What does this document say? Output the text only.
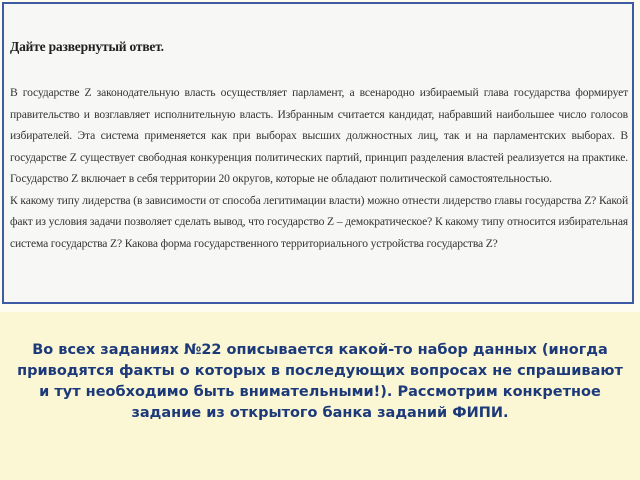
Дайте развернутый ответ.

В государстве Z законодательную власть осуществляет парламент, а всенародно избираемый глава государства формирует правительство и возглавляет исполнительную власть. Избранным считается кандидат, набравший наибольшее число голосов избирателей. Эта система применяется как при выборах высших должностных лиц, так и на парламентских выборах. В государстве Z существует свободная конкуренция политических партий, принцип разделения властей реализуется на практике. Государство Z включает в себя территории 20 округов, которые не обладают политической самостоятельностью.

К какому типу лидерства (в зависимости от способа легитимации власти) можно отнести лидерство главы государства Z? Какой факт из условия задачи позволяет сделать вывод, что государство Z – демократическое? К какому типу относится избирательная система государства Z? Какова форма государственного территориального устройства государства Z?

Во всех заданиях №22 описывается какой-то набор данных (иногда приводятся факты о которых в последующих вопросах не спрашивают и тут необходимо быть внимательными!). Рассмотрим конкретное задание из открытого банка заданий ФИПИ.
